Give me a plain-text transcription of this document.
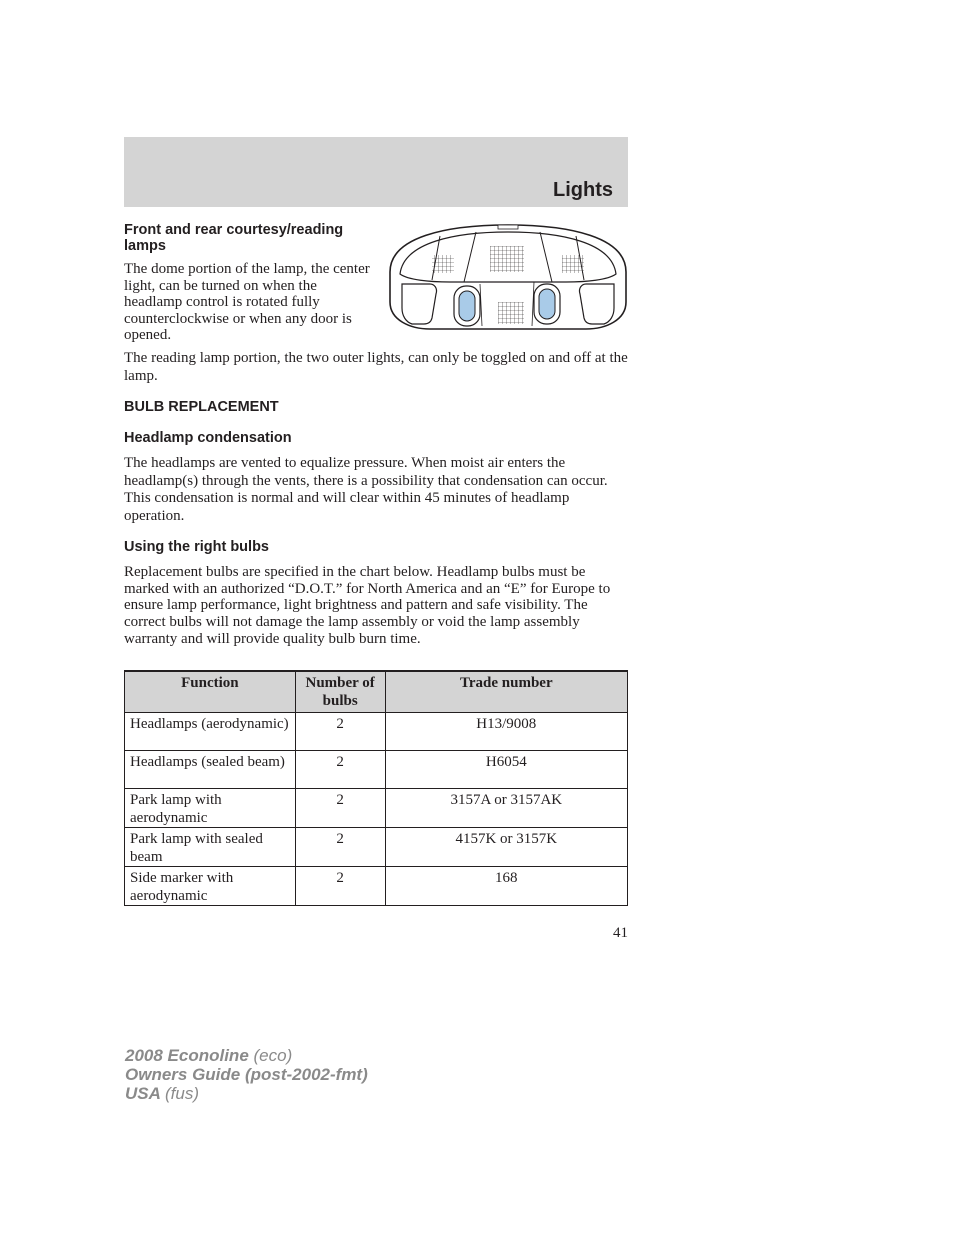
Lights
Front and rear courtesy/reading lamps

The dome portion of the lamp, the center light, can be turned on when the headlamp control is rotated fully counterclockwise or when any door is opened.

The reading lamp portion, the two outer lights, can only be toggled on and off at the lamp.

BULB REPLACEMENT
Headlamp condensation

The headlamps are vented to equalize pressure. When moist air enters the headlamp(s) through the vents, there is a possibility that condensation can occur. This condensation is normal and will clear within 45 minutes of headlamp operation.

Using the right bulbs

Replacement bulbs are specified in the chart below. Headlamp bulbs must be marked with an authorized “D.O.T.” for North America and an “E” for Europe to ensure lamp performance, light brightness and pattern and safe visibility. The correct bulbs will not damage the lamp assembly or void the lamp assembly warranty and will provide quality bulb burn time.

Function	Number of bulbs	Trade number
Headlamps (aerodynamic)	2	H13/9008
Headlamps (sealed beam)	2	H6054
Park lamp with aerodynamic	2	3157A or 3157AK
Park lamp with sealed beam	2	4157K or 3157K
Side marker with aerodynamic	2	168
41
2008 Econoline (eco)
Owners Guide (post-2002-fmt)
USA (fus)
